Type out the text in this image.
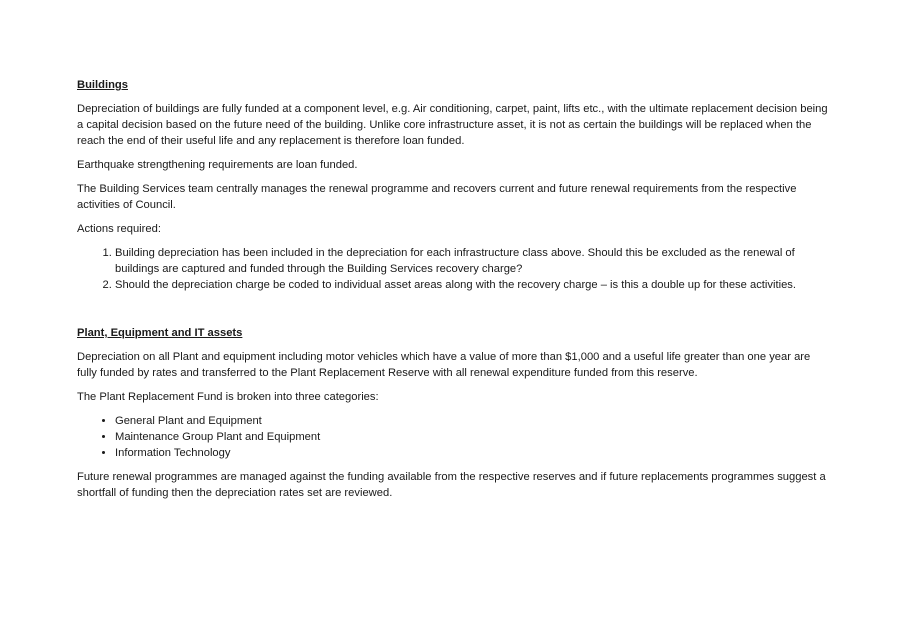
Buildings

Depreciation of buildings are fully funded at a component level, e.g. Air conditioning, carpet, paint, lifts etc., with the ultimate replacement decision being a capital decision based on the future need of the building. Unlike core infrastructure asset, it is not as certain the buildings will be replaced when the reach the end of their useful life and any replacement is therefore loan funded.

Earthquake strengthening requirements are loan funded.

The Building Services team centrally manages the renewal programme and recovers current and future renewal requirements from the respective activities of Council.

Actions required:

1. Building depreciation has been included in the depreciation for each infrastructure class above. Should this be excluded as the renewal of buildings are captured and funded through the Building Services recovery charge?
2. Should the depreciation charge be coded to individual asset areas along with the recovery charge – is this a double up for these activities.
Plant, Equipment and IT assets

Depreciation on all Plant and equipment including motor vehicles which have a value of more than $1,000 and a useful life greater than one year are fully funded by rates and transferred to the Plant Replacement Reserve with all renewal expenditure funded from this reserve.

The Plant Replacement Fund is broken into three categories:

• General Plant and Equipment
• Maintenance Group Plant and Equipment
• Information Technology

Future renewal programmes are managed against the funding available from the respective reserves and if future replacements programmes suggest a shortfall of funding then the depreciation rates set are reviewed.
